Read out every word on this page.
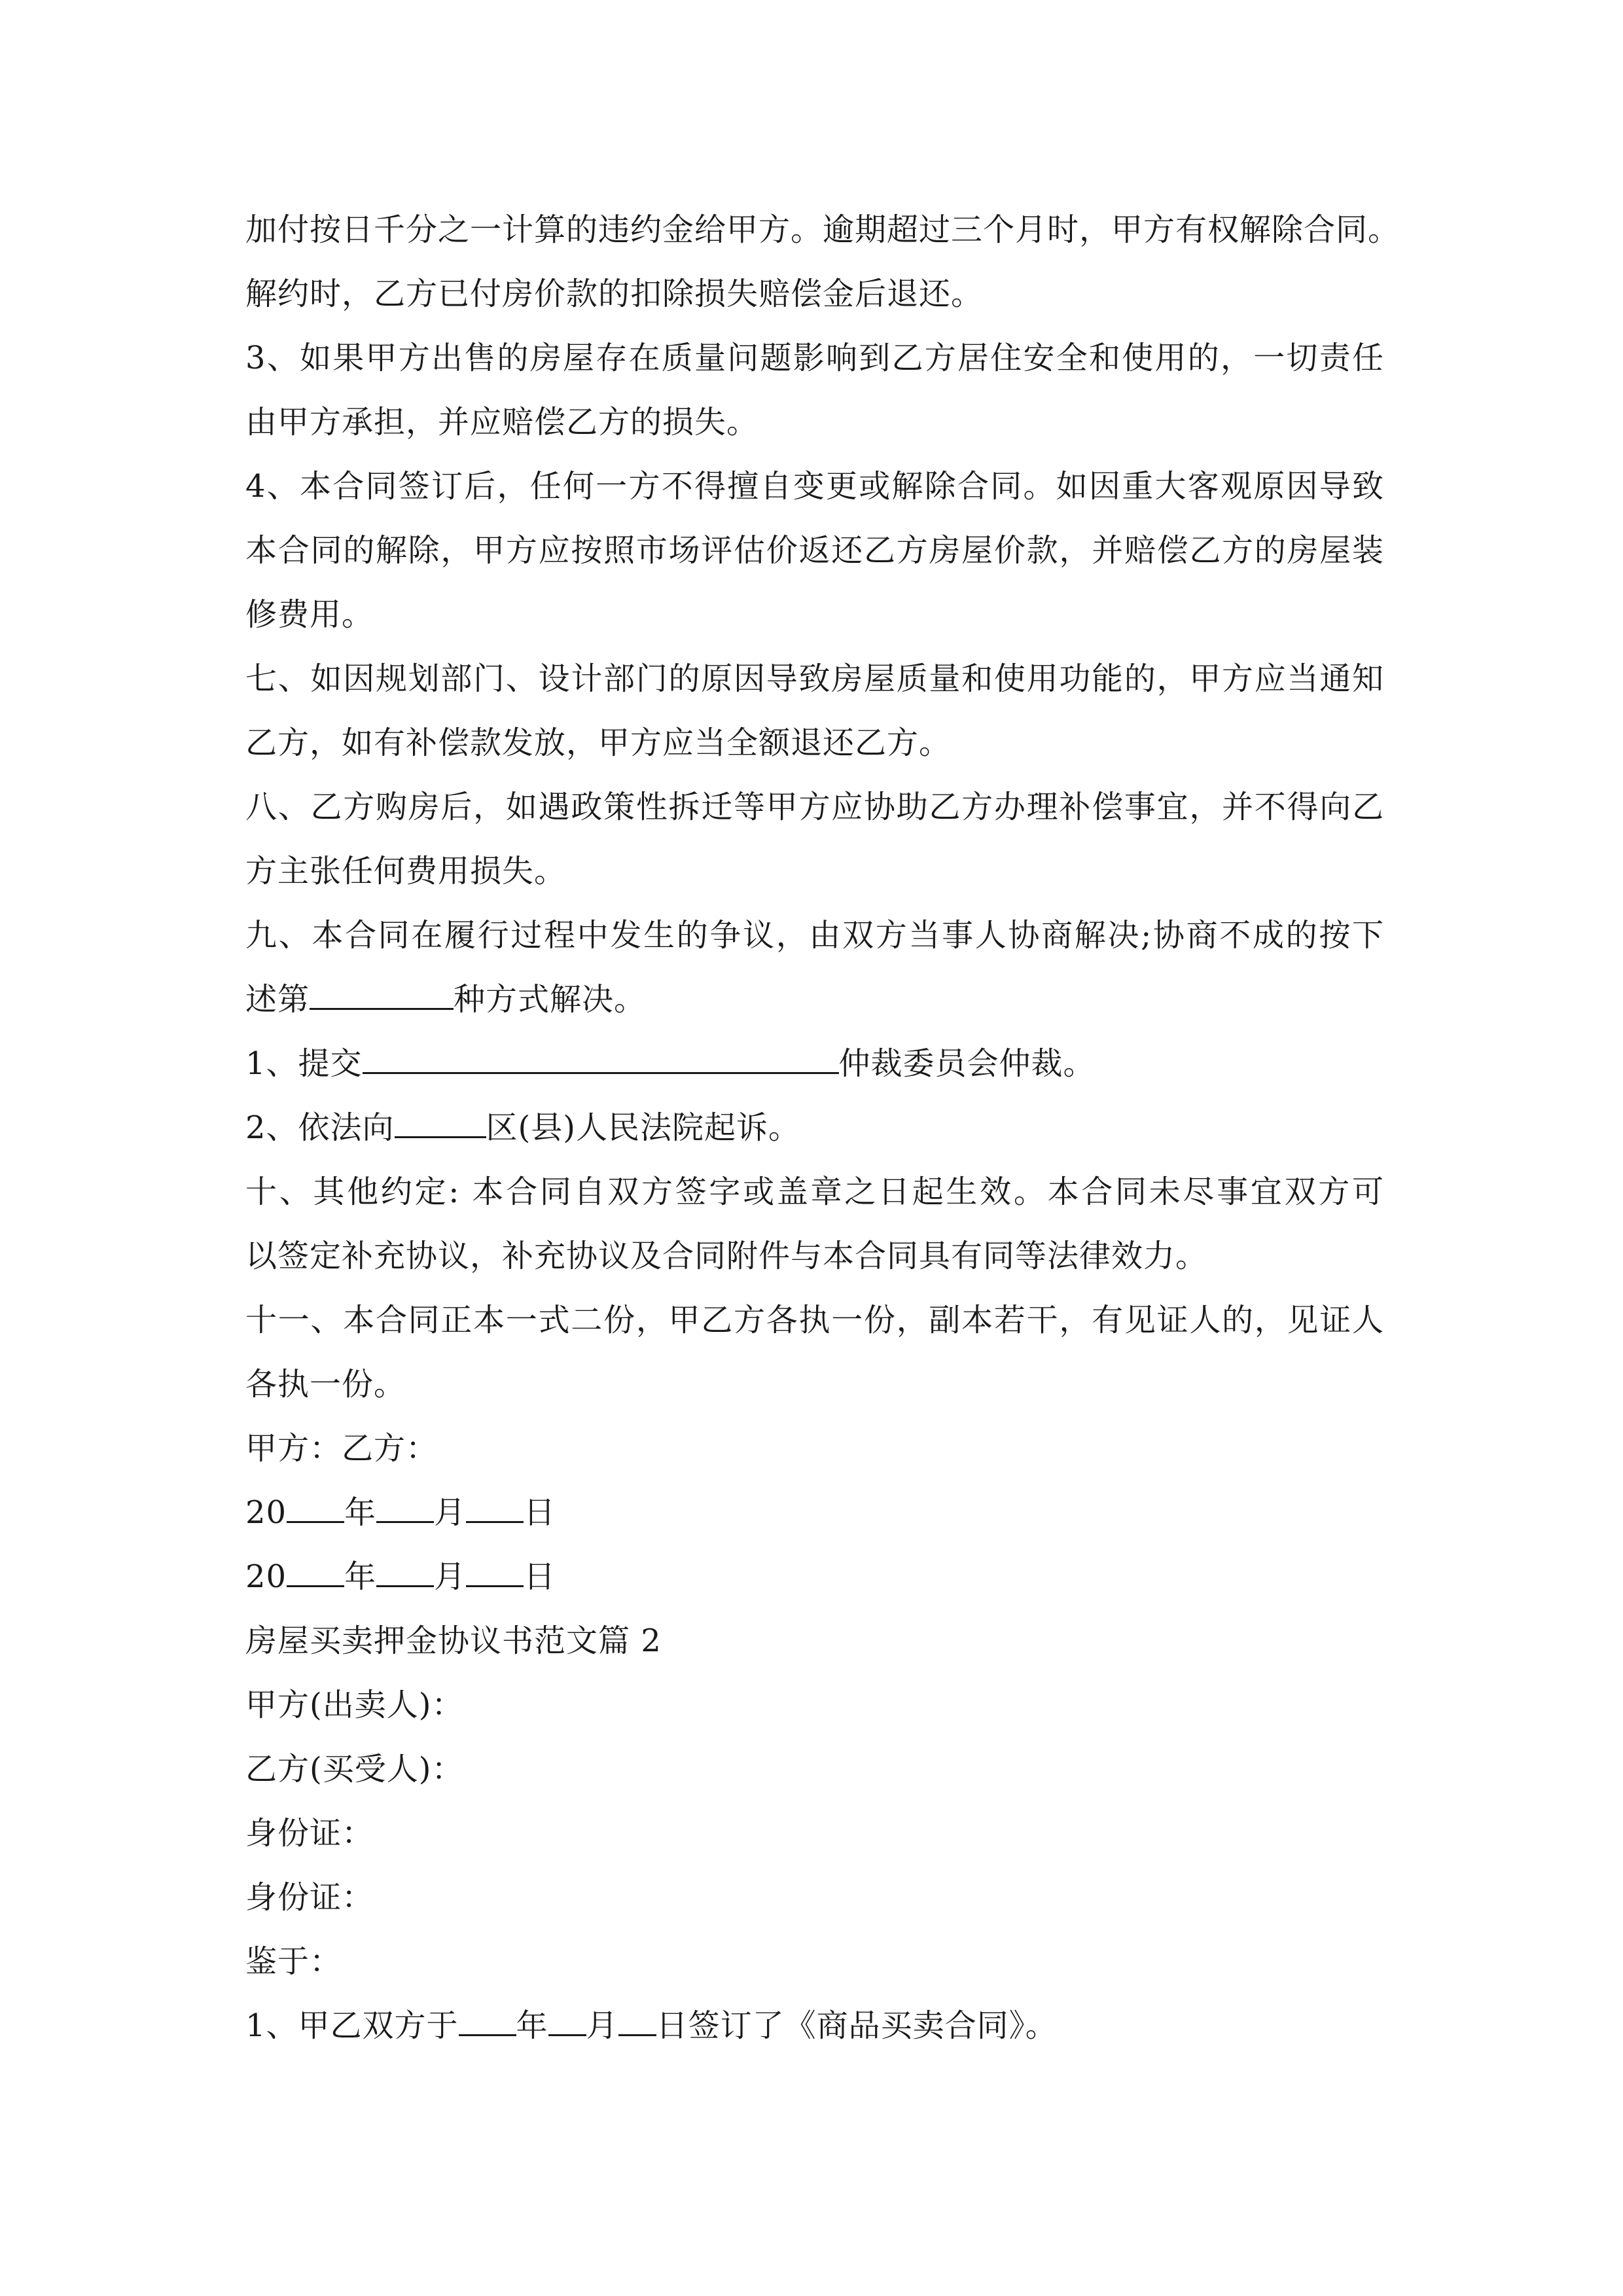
加付按日千分之一计算的违约金给甲方。逾期超过三个月时，甲方有权解除合同。
解约时，乙方已付房价款的扣除损失赔偿金后退还。
3、如果甲方出售的房屋存在质量问题影响到乙方居住安全和使用的，一切责任
由甲方承担，并应赔偿乙方的损失。
4、本合同签订后，任何一方不得擅自变更或解除合同。如因重大客观原因导致
本合同的解除，甲方应按照市场评估价返还乙方房屋价款，并赔偿乙方的房屋装
修费用。
七、如因规划部门、设计部门的原因导致房屋质量和使用功能的，甲方应当通知
乙方，如有补偿款发放，甲方应当全额退还乙方。
八、乙方购房后，如遇政策性拆迁等甲方应协助乙方办理补偿事宜，并不得向乙
方主张任何费用损失。
九、本合同在履行过程中发生的争议，由双方当事人协商解决;协商不成的按下
述第	种方式解决。
1、提交	仲裁委员会仲裁。
2、依法向	区(县)人民法院起诉。
十、其他约定: 本合同自双方签字或盖章之日起生效。本合同未尽事宜双方可
以签定补充协议，补充协议及合同附件与本合同具有同等法律效力。
十一、本合同正本一式二份，甲乙方各执一份，副本若干，有见证人的，见证人
各执一份。
甲方：乙方：
20 年 月 日
20 年 月 日
房屋买卖押金协议书范文篇 2
甲方(出卖人)：
乙方(买受人)：
身份证：
身份证：
鉴于：
1、甲乙双方于 年 月 日签订了《商品买卖合同》。
